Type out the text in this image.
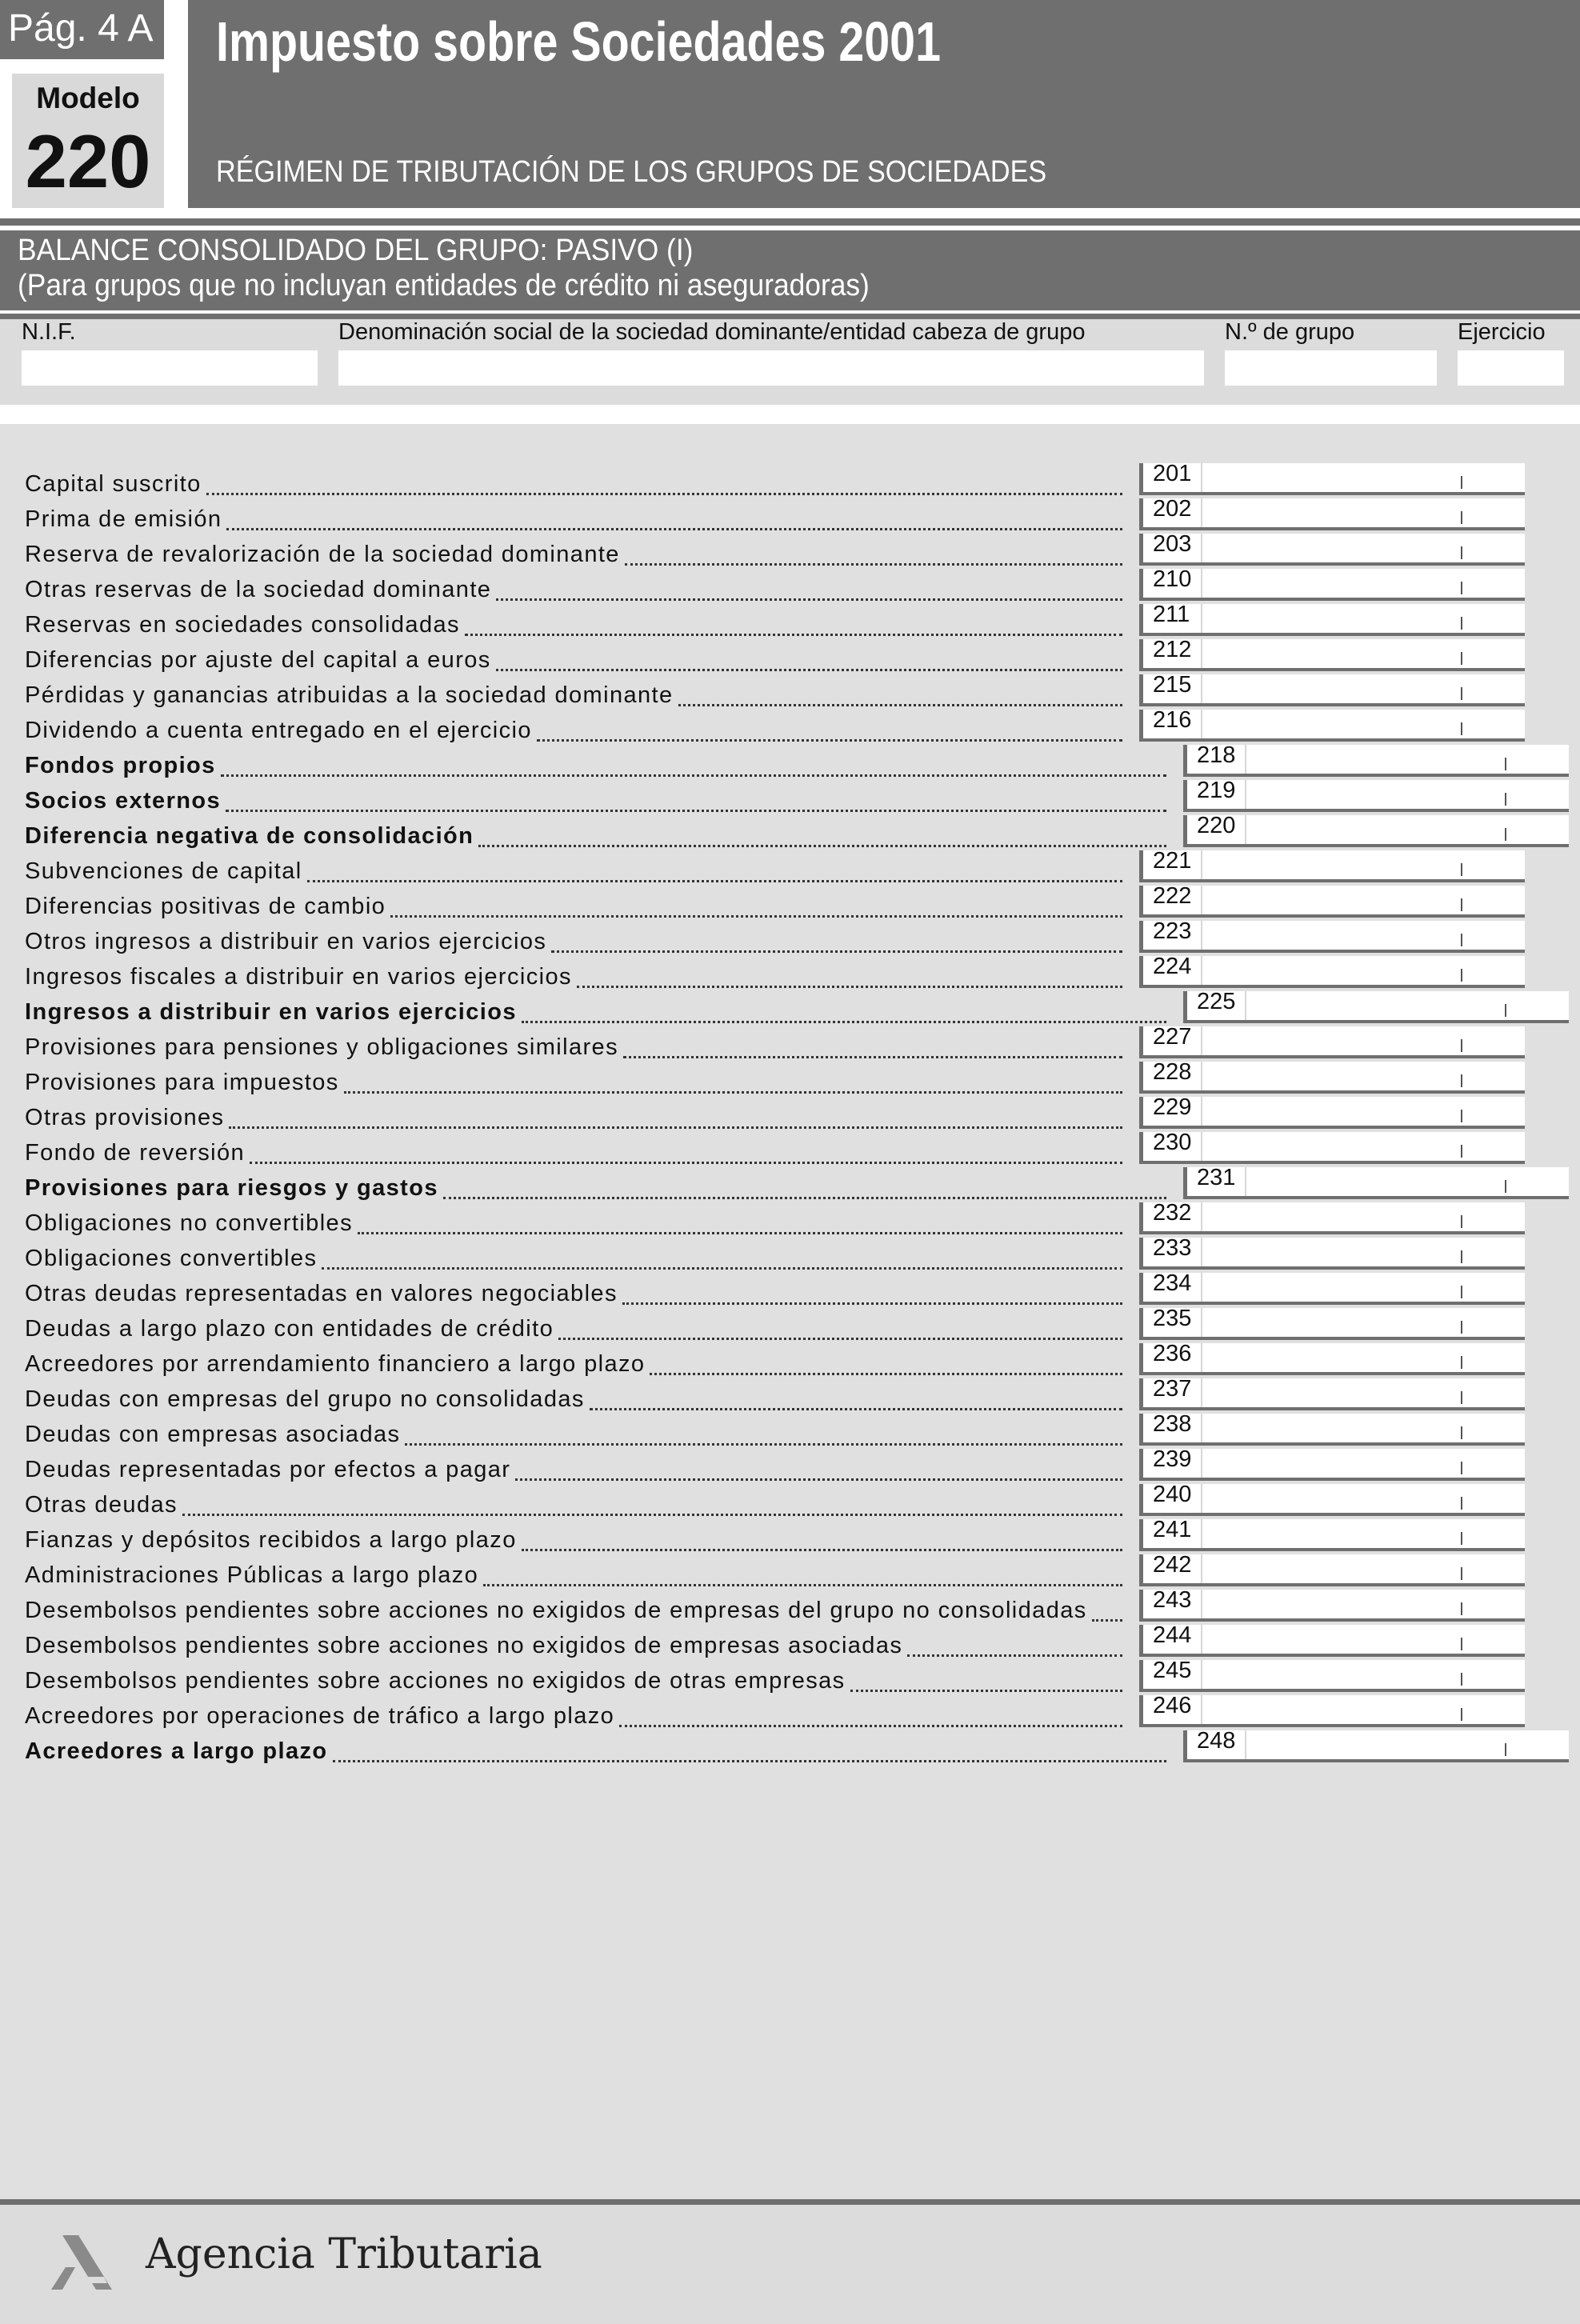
Pág. 4 A
Modelo
220
Impuesto sobre Sociedades 2001
RÉGIMEN DE TRIBUTACIÓN DE LOS GRUPOS DE SOCIEDADES
BALANCE CONSOLIDADO DEL GRUPO: PASIVO (I)
(Para grupos que no incluyan entidades de crédito ni aseguradoras)
N.I.F.	Denominación social de la sociedad dominante/entidad cabeza de grupo	N.º de grupo	Ejercicio
Capital suscrito	201
Prima de emisión	202
Reserva de revalorización de la sociedad dominante	203
Otras reservas de la sociedad dominante	210
Reservas en sociedades consolidadas	211
Diferencias por ajuste del capital a euros	212
Pérdidas y ganancias atribuidas a la sociedad dominante	215
Dividendo a cuenta entregado en el ejercicio	216
Fondos propios	218
Socios externos	219
Diferencia negativa de consolidación	220
Subvenciones de capital	221
Diferencias positivas de cambio	222
Otros ingresos a distribuir en varios ejercicios	223
Ingresos fiscales a distribuir en varios ejercicios	224
Ingresos a distribuir en varios ejercicios	225
Provisiones para pensiones y obligaciones similares	227
Provisiones para impuestos	228
Otras provisiones	229
Fondo de reversión	230
Provisiones para riesgos y gastos	231
Obligaciones no convertibles	232
Obligaciones convertibles	233
Otras deudas representadas en valores negociables	234
Deudas a largo plazo con entidades de crédito	235
Acreedores por arrendamiento financiero a largo plazo	236
Deudas con empresas del grupo no consolidadas	237
Deudas con empresas asociadas	238
Deudas representadas por efectos a pagar	239
Otras deudas	240
Fianzas y depósitos recibidos a largo plazo	241
Administraciones Públicas a largo plazo	242
Desembolsos pendientes sobre acciones no exigidos de empresas del grupo no consolidadas	243
Desembolsos pendientes sobre acciones no exigidos de empresas asociadas	244
Desembolsos pendientes sobre acciones no exigidos de otras empresas	245
Acreedores por operaciones de tráfico a largo plazo	246
Acreedores a largo plazo	248
Agencia Tributaria
